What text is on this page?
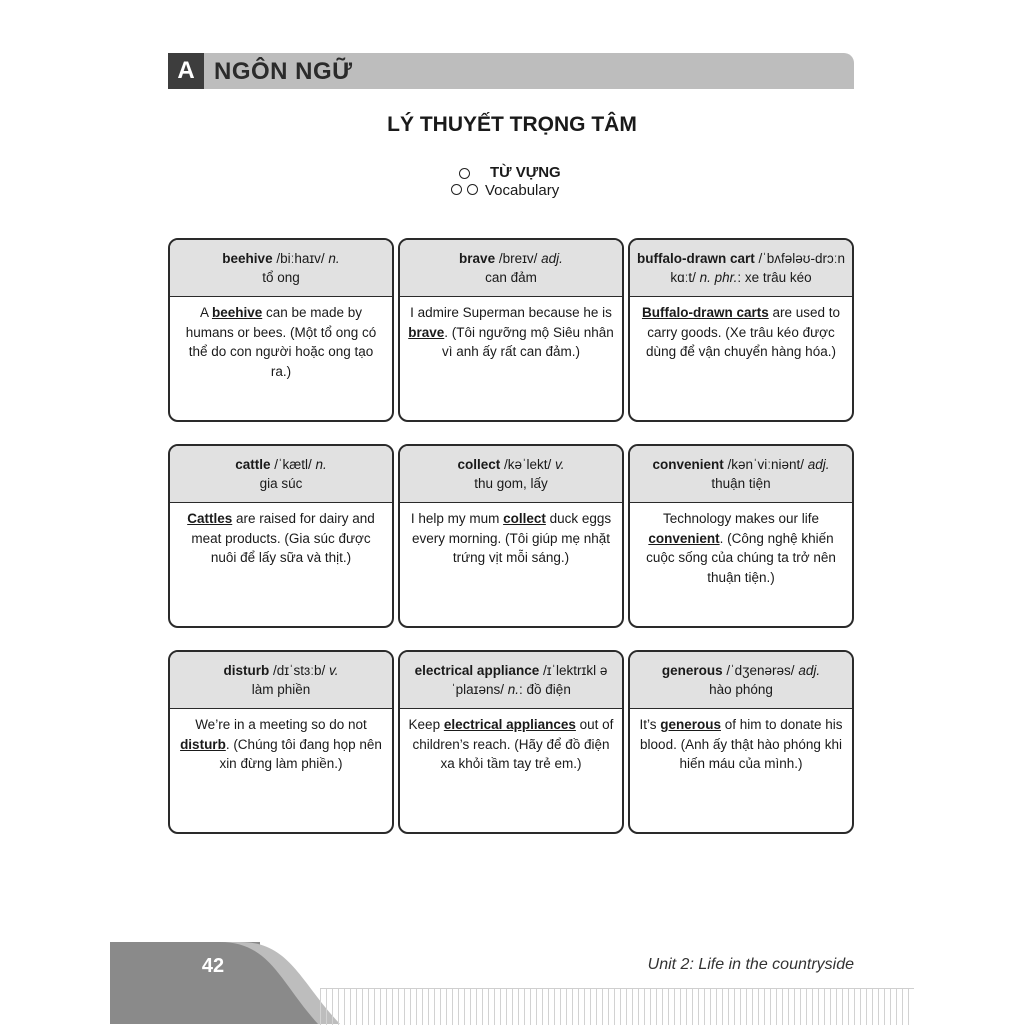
A NGÔN NGỮ
LÝ THUYẾT TRỌNG TÂM
TỪ VỰNG
Vocabulary
beehive /biːhaɪv/ n.
tổ ong
A beehive can be made by humans or bees. (Một tổ ong có thể do con người hoặc ong tạo ra.)
brave /breɪv/ adj.
can đảm
I admire Superman because he is brave. (Tôi ngưỡng mộ Siêu nhân vì anh ấy rất can đảm.)
buffalo-drawn cart /ˈbʌfələʊ-drɔːn kɑːt/ n. phr.: xe trâu kéo
Buffalo-drawn carts are used to carry goods. (Xe trâu kéo được dùng để vận chuyển hàng hóa.)
cattle /ˈkætl/ n.
gia súc
Cattles are raised for dairy and meat products. (Gia súc được nuôi để lấy sữa và thịt.)
collect /kəˈlekt/ v.
thu gom, lấy
I help my mum collect duck eggs every morning. (Tôi giúp mẹ nhặt trứng vịt mỗi sáng.)
convenient /kənˈviːniənt/ adj.
thuận tiện
Technology makes our life convenient. (Công nghệ khiến cuộc sống của chúng ta trở nên thuận tiện.)
disturb /dɪˈstɜːb/ v.
làm phiền
We’re in a meeting so do not disturb. (Chúng tôi đang họp nên xin đừng làm phiền.)
electrical appliance /ɪˈlektrɪkl əˈplaɪəns/ n.: đồ điện
Keep electrical appliances out of children’s reach. (Hãy để đồ điện xa khỏi tầm tay trẻ em.)
generous /ˈdʒenərəs/ adj.
hào phóng
It’s generous of him to donate his blood. (Anh ấy thật hào phóng khi hiến máu của mình.)
42	Unit 2: Life in the countryside
